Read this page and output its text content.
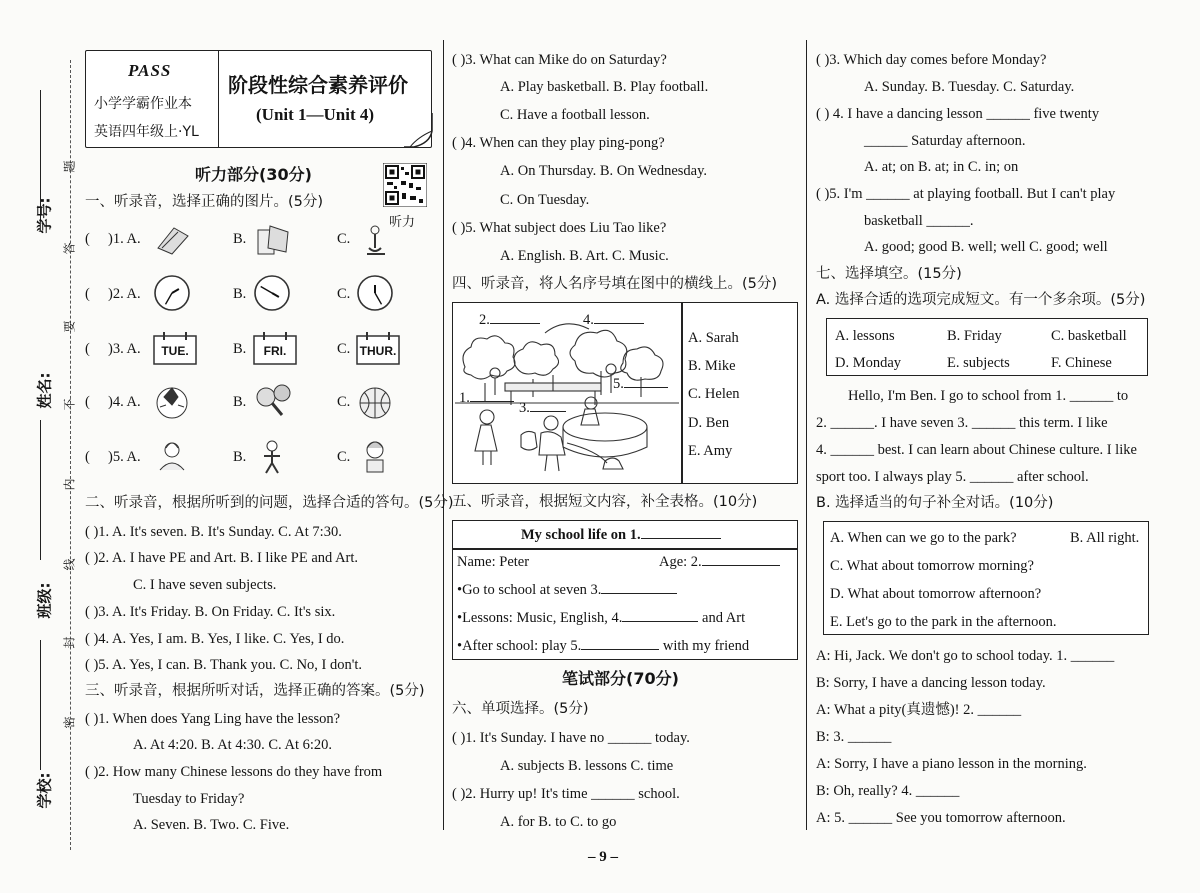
学号:
姓名:
班级:
学校:
题
答
要
不
内
线
封
密
PASS
小学学霸作业本
英语四年级上·YL
阶段性综合素养评价
(Unit 1—Unit 4)
听力部分(30分)
听力
一、听录音，选择正确的图片。(5分)
( )1. A.	B.	C.
( )2. A.	B.	C.
( )3. A.	B.	C.
TUE.	FRI.	THUR.
( )4. A.	B.	C.
( )5. A.	B.	C.
二、听录音，根据所听到的问题，选择合适的答句。(5分)
( )1. A. It's seven. B. It's Sunday. C. At 7:30.
( )2. A. I have PE and Art. B. I like PE and Art.
C. I have seven subjects.
( )3. A. It's Friday. B. On Friday. C. It's six.
( )4. A. Yes, I am. B. Yes, I like. C. Yes, I do.
( )5. A. Yes, I can. B. Thank you. C. No, I don't.
三、听录音，根据所听对话，选择正确的答案。(5分)
( )1. When does Yang Ling have the lesson?
A. At 4:20. B. At 4:30. C. At 6:20.
( )2. How many Chinese lessons do they have from
Tuesday to Friday?
A. Seven. B. Two. C. Five.
( )3. What can Mike do on Saturday?
A. Play basketball. B. Play football.
C. Have a football lesson.
( )4. When can they play ping-pong?
A. On Thursday. B. On Wednesday.
C. On Tuesday.
( )5. What subject does Liu Tao like?
A. English. B. Art. C. Music.
四、听录音，将人名序号填在图中的横线上。(5分)
2.	4.
5.
1.
3.
A. Sarah
B. Mike
C. Helen
D. Ben
E. Amy
五、听录音，根据短文内容，补全表格。(10分)
My school life on 1.
Name: Peter	Age: 2.
•Go to school at seven 3.
•Lessons: Music, English, 4.	and Art
•After school: play 5.	with my friend
笔试部分(70分)
六、单项选择。(5分)
( )1. It's Sunday. I have no ______ today.
A. subjects B. lessons C. time
( )2. Hurry up! It's time ______ school.
A. for B. to C. to go
( )3. Which day comes before Monday?
A. Sunday. B. Tuesday. C. Saturday.
( ) 4. I have a dancing lesson ______ five twenty
______ Saturday afternoon.
A. at; on B. at; in C. in; on
( )5. I'm ______ at playing football. But I can't play
basketball ______.
A. good; good B. well; well C. good; well
七、选择填空。(15分)
A. 选择合适的选项完成短文。有一个多余项。(5分)
A. lessons	B. Friday	C. basketball
D. Monday	E. subjects	F. Chinese
Hello, I'm Ben. I go to school from 1. ______ to
2. ______. I have seven 3. ______ this term. I like
4. ______ best. I can learn about Chinese culture. I like
sport too. I always play 5. ______ after school.
B. 选择适当的句子补全对话。(10分)
A. When can we go to the park?	B. All right.
C. What about tomorrow morning?
D. What about tomorrow afternoon?
E. Let's go to the park in the afternoon.
A: Hi, Jack. We don't go to school today. 1. ______
B: Sorry, I have a dancing lesson today.
A: What a pity(真遗憾)! 2. ______
B: 3. ______
A: Sorry, I have a piano lesson in the morning.
B: Oh, really? 4. ______
A: 5. ______ See you tomorrow afternoon.
– 9 –
